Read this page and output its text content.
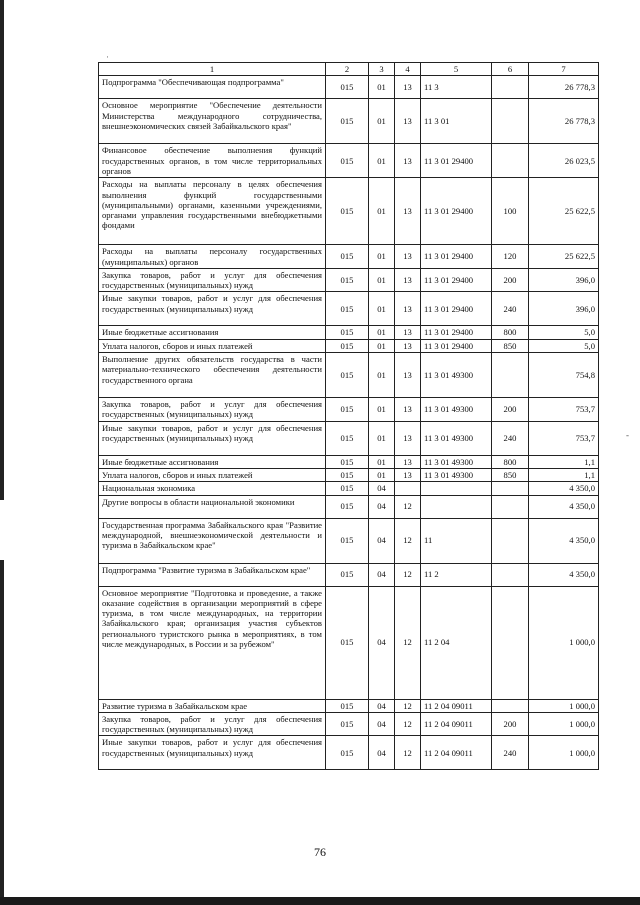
·
-
1	2	3	4	5	6	7
Подпрограмма "Обеспечивающая подпрограмма"	015	01	13	11 3		26 778,3
Основное мероприятие "Обеспечение деятельности Министерства международного сотрудничества, внешнеэкономических связей Забайкальского края"	015	01	13	11 3 01		26 778,3
Финансовое обеспечение выполнения функций государственных органов, в том числе территориальных органов	015	01	13	11 3 01 29400		26 023,5
Расходы на выплаты персоналу в целях обеспечения выполнения функций государственными (муниципальными) органами, казенными учреждениями, органами управления государственными внебюджетными фондами	015	01	13	11 3 01 29400	100	25 622,5
Расходы на выплаты персоналу государственных (муниципальных) органов	015	01	13	11 3 01 29400	120	25 622,5
Закупка товаров, работ и услуг для обеспечения государственных (муниципальных) нужд	015	01	13	11 3 01 29400	200	396,0
Иные закупки товаров, работ и услуг для обеспечения государственных (муниципальных) нужд	015	01	13	11 3 01 29400	240	396,0
Иные бюджетные ассигнования	015	01	13	11 3 01 29400	800	5,0
Уплата налогов, сборов и иных платежей	015	01	13	11 3 01 29400	850	5,0
Выполнение других обязательств государства в части материально-технического обеспечения деятельности государственного органа	015	01	13	11 3 01 49300		754,8
Закупка товаров, работ и услуг для обеспечения государственных (муниципальных) нужд	015	01	13	11 3 01 49300	200	753,7
Иные закупки товаров, работ и услуг для обеспечения государственных (муниципальных) нужд	015	01	13	11 3 01 49300	240	753,7
Иные бюджетные ассигнования	015	01	13	11 3 01 49300	800	1,1
Уплата налогов, сборов и иных платежей	015	01	13	11 3 01 49300	850	1,1
Национальная экономика	015	04				4 350,0
Другие вопросы в области национальной экономики	015	04	12			4 350,0
Государственная программа Забайкальского края "Развитие международной, внешнеэкономической деятельности и туризма в Забайкальском крае"	015	04	12	11		4 350,0
Подпрограмма "Развитие туризма в Забайкальском крае"	015	04	12	11 2		4 350,0
Основное мероприятие "Подготовка и проведение, а также оказание содействия в организации мероприятий в сфере туризма, в том числе международных, на территории Забайкальского края; организация участия субъектов регионального туристского рынка в мероприятиях, в том числе международных, в России и за рубежом"	015	04	12	11 2 04		1 000,0
Развитие туризма в Забайкальском крае	015	04	12	11 2 04 09011		1 000,0
Закупка товаров, работ и услуг для обеспечения государственных (муниципальных) нужд	015	04	12	11 2 04 09011	200	1 000,0
Иные закупки товаров, работ и услуг для обеспечения государственных (муниципальных) нужд	015	04	12	11 2 04 09011	240	1 000,0
76
